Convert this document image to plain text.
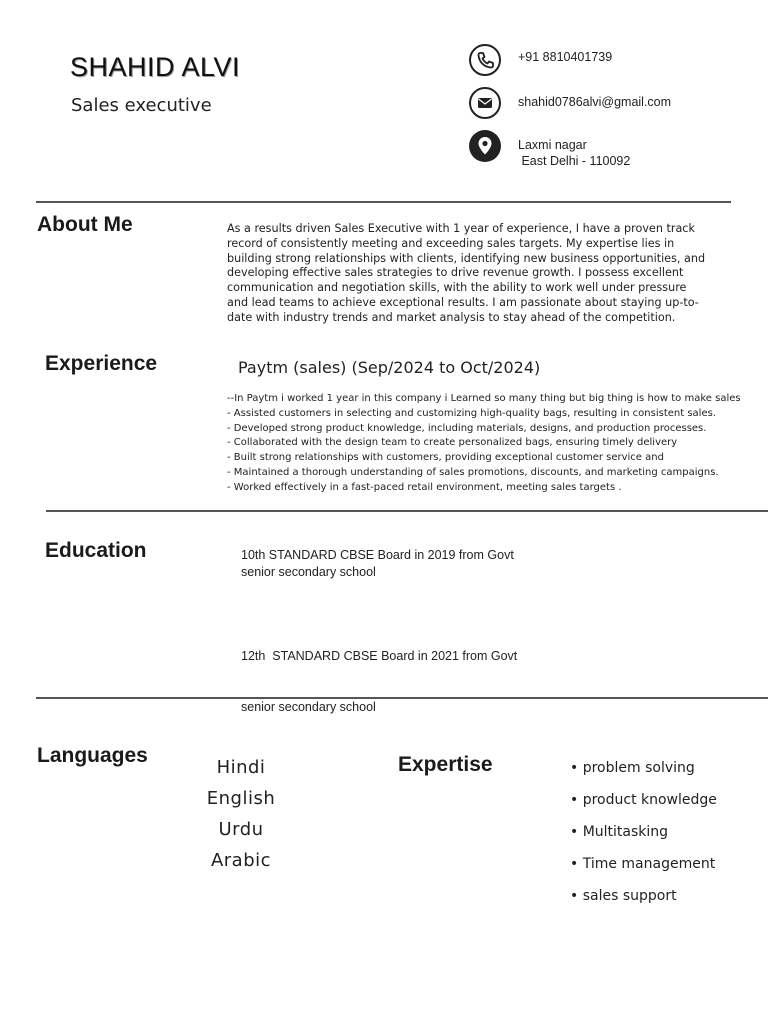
SHAHID ALVI
Sales executive
+91 8810401739
shahid0786alvi@gmail.com
Laxmi nagar
East Delhi - 110092
About Me	As a results driven Sales Executive with 1 year of experience, I have a proven track record of consistently meeting and exceeding sales targets. My expertise lies in building strong relationships with clients, identifying new business opportunities, and developing effective sales strategies to drive revenue growth. I possess excellent communication and negotiation skills, with the ability to work well under pressure and lead teams to achieve exceptional results. I am passionate about staying up-to-date with industry trends and market analysis to stay ahead of the competition.
Experience	Paytm (sales) (Sep/2024 to Oct/2024)
--In Paytm i worked 1 year in this company i Learned so many thing but big thing is how to make sales
- Assisted customers in selecting and customizing high-quality bags, resulting in consistent sales.
- Developed strong product knowledge, including materials, designs, and production processes.
- Collaborated with the design team to create personalized bags, ensuring timely delivery
- Built strong relationships with customers, providing exceptional customer service and
- Maintained a thorough understanding of sales promotions, discounts, and marketing campaigns.
- Worked effectively in a fast-paced retail environment, meeting sales targets .
Education	10th STANDARD CBSE Board in 2019 from Govt
senior secondary school

12th  STANDARD CBSE Board in 2021 from Govt

senior secondary school

Languages
Hindi
English
Urdu
Arabic
Expertise	• problem solving
• product knowledge
• Multitasking
• Time management
• sales support
